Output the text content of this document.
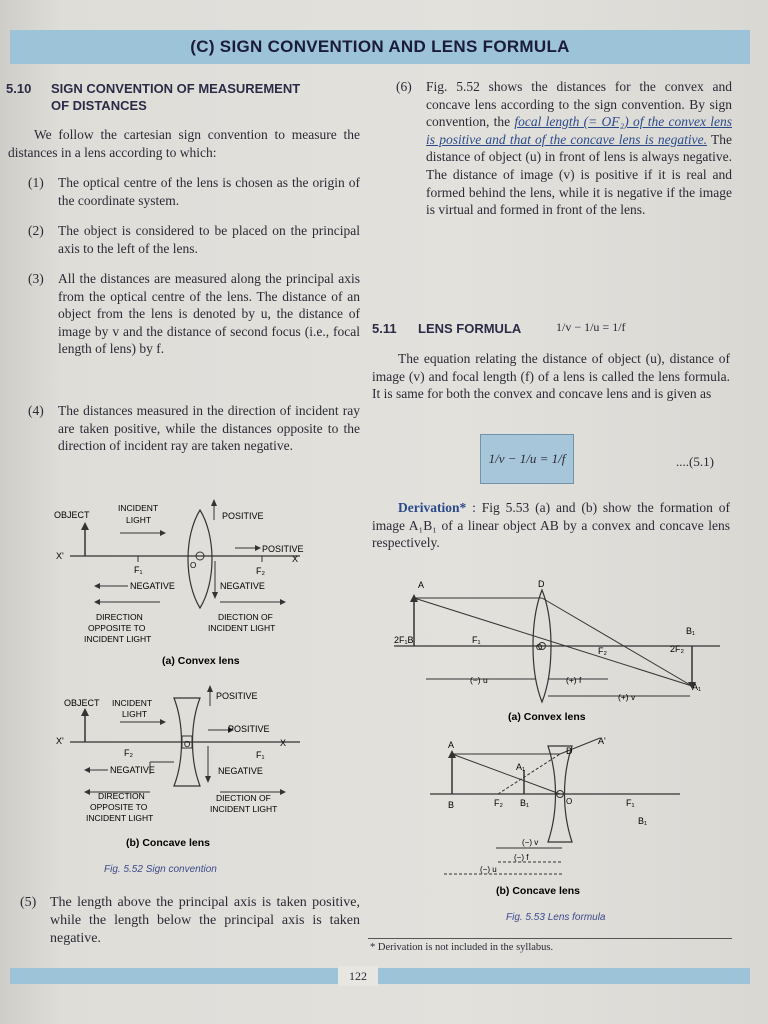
(C) SIGN CONVENTION AND LENS FORMULA
5.10 SIGN CONVENTION OF MEASUREMENT
OF DISTANCES
We follow the cartesian sign convention to measure the distances in a lens according to which:
(1) The optical centre of the lens is chosen as the origin of the coordinate system.
(2) The object is considered to be placed on the principal axis to the left of the lens.
(3) All the distances are measured along the principal axis from the optical centre of the lens. The distance of an object from the lens is denoted by u, the distance of image by v and the distance of second focus (i.e., focal length of lens) by f.
(4) The distances measured in the direction of incident ray are taken positive, while the distances opposite to the direction of incident ray are taken negative.
OBJECT
INCIDENT
LIGHT	POSITIVE
POSITIVE
X'	X
F₁	F₂
O
NEGATIVE	NEGATIVE
DIRECTION
OPPOSITE TO
INCIDENT LIGHT
DIECTION OF
INCIDENT LIGHT
(a) Convex lens
OBJECT INCIDENT
LIGHT
POSITIVE
POSITIVE
X'	X
F₂	F₁
O
NEGATIVE	NEGATIVE
DIRECTION
OPPOSITE TO
INCIDENT LIGHT
DIECTION OF
INCIDENT LIGHT
(b) Concave lens
Fig. 5.52 Sign convention
(5) The length above the principal axis is taken positive, while the length below the principal axis is taken negative.
(6) Fig. 5.52 shows the distances for the convex and concave lens according to the sign convention. By sign convention, the focal length (= OF₂) of the convex lens is positive and that of the concave lens is negative. The distance of object (u) in front of lens is always negative. The distance of image (v) is positive if it is real and formed behind the lens, while it is negative if the image is virtual and formed in front of the lens.
5.11 LENS FORMULA	1/v − 1/u = 1/f
The equation relating the distance of object (u), distance of image (v) and focal length (f) of a lens is called the lens formula. It is same for both the convex and concave lens and is given as
1/v − 1/u = 1/f	....(5.1)
Derivation* : Fig 5.53 (a) and (b) show the formation of image A₁B₁ of a linear object AB by a convex and concave lens respectively.
A	D
B₁
A₁
2F₁B	F₁
O	F₂	2F₂
(−) u	(+) f
(+) v
(a) Convex lens
A
D
A'
A₁
B	F₂ B₁	O	F₁
B₁
(−) v
(−) f
(−) u
(b) Concave lens
Fig. 5.53 Lens formula
* Derivation is not included in the syllabus.
122
